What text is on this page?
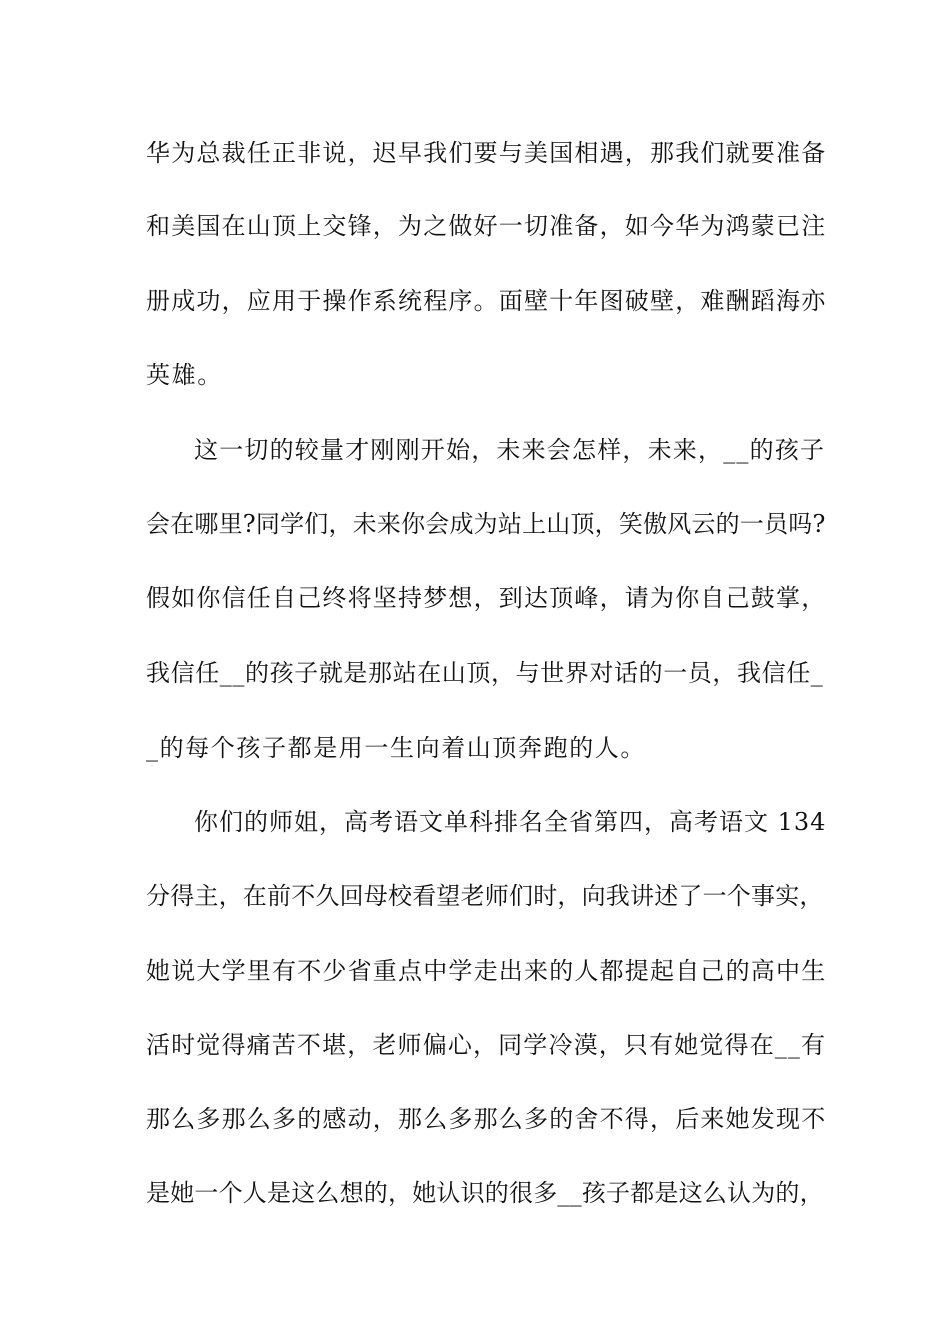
华为总裁任正非说，迟早我们要与美国相遇，那我们就要准备
和美国在山顶上交锋，为之做好一切准备，如今华为鸿蒙已注
册成功，应用于操作系统程序。面壁十年图破壁，难酬蹈海亦
英雄。
这一切的较量才刚刚开始，未来会怎样，未来，__的孩子
会在哪里?同学们，未来你会成为站上山顶，笑傲风云的一员吗?
假如你信任自己终将坚持梦想，到达顶峰，请为你自己鼓掌，
我信任__的孩子就是那站在山顶，与世界对话的一员，我信任_
_的每个孩子都是用一生向着山顶奔跑的人。
你们的师姐，高考语文单科排名全省第四，高考语文 134
分得主，在前不久回母校看望老师们时，向我讲述了一个事实，
她说大学里有不少省重点中学走出来的人都提起自己的高中生
活时觉得痛苦不堪，老师偏心，同学冷漠，只有她觉得在__有
那么多那么多的感动，那么多那么多的舍不得，后来她发现不
是她一个人是这么想的，她认识的很多__孩子都是这么认为的，
